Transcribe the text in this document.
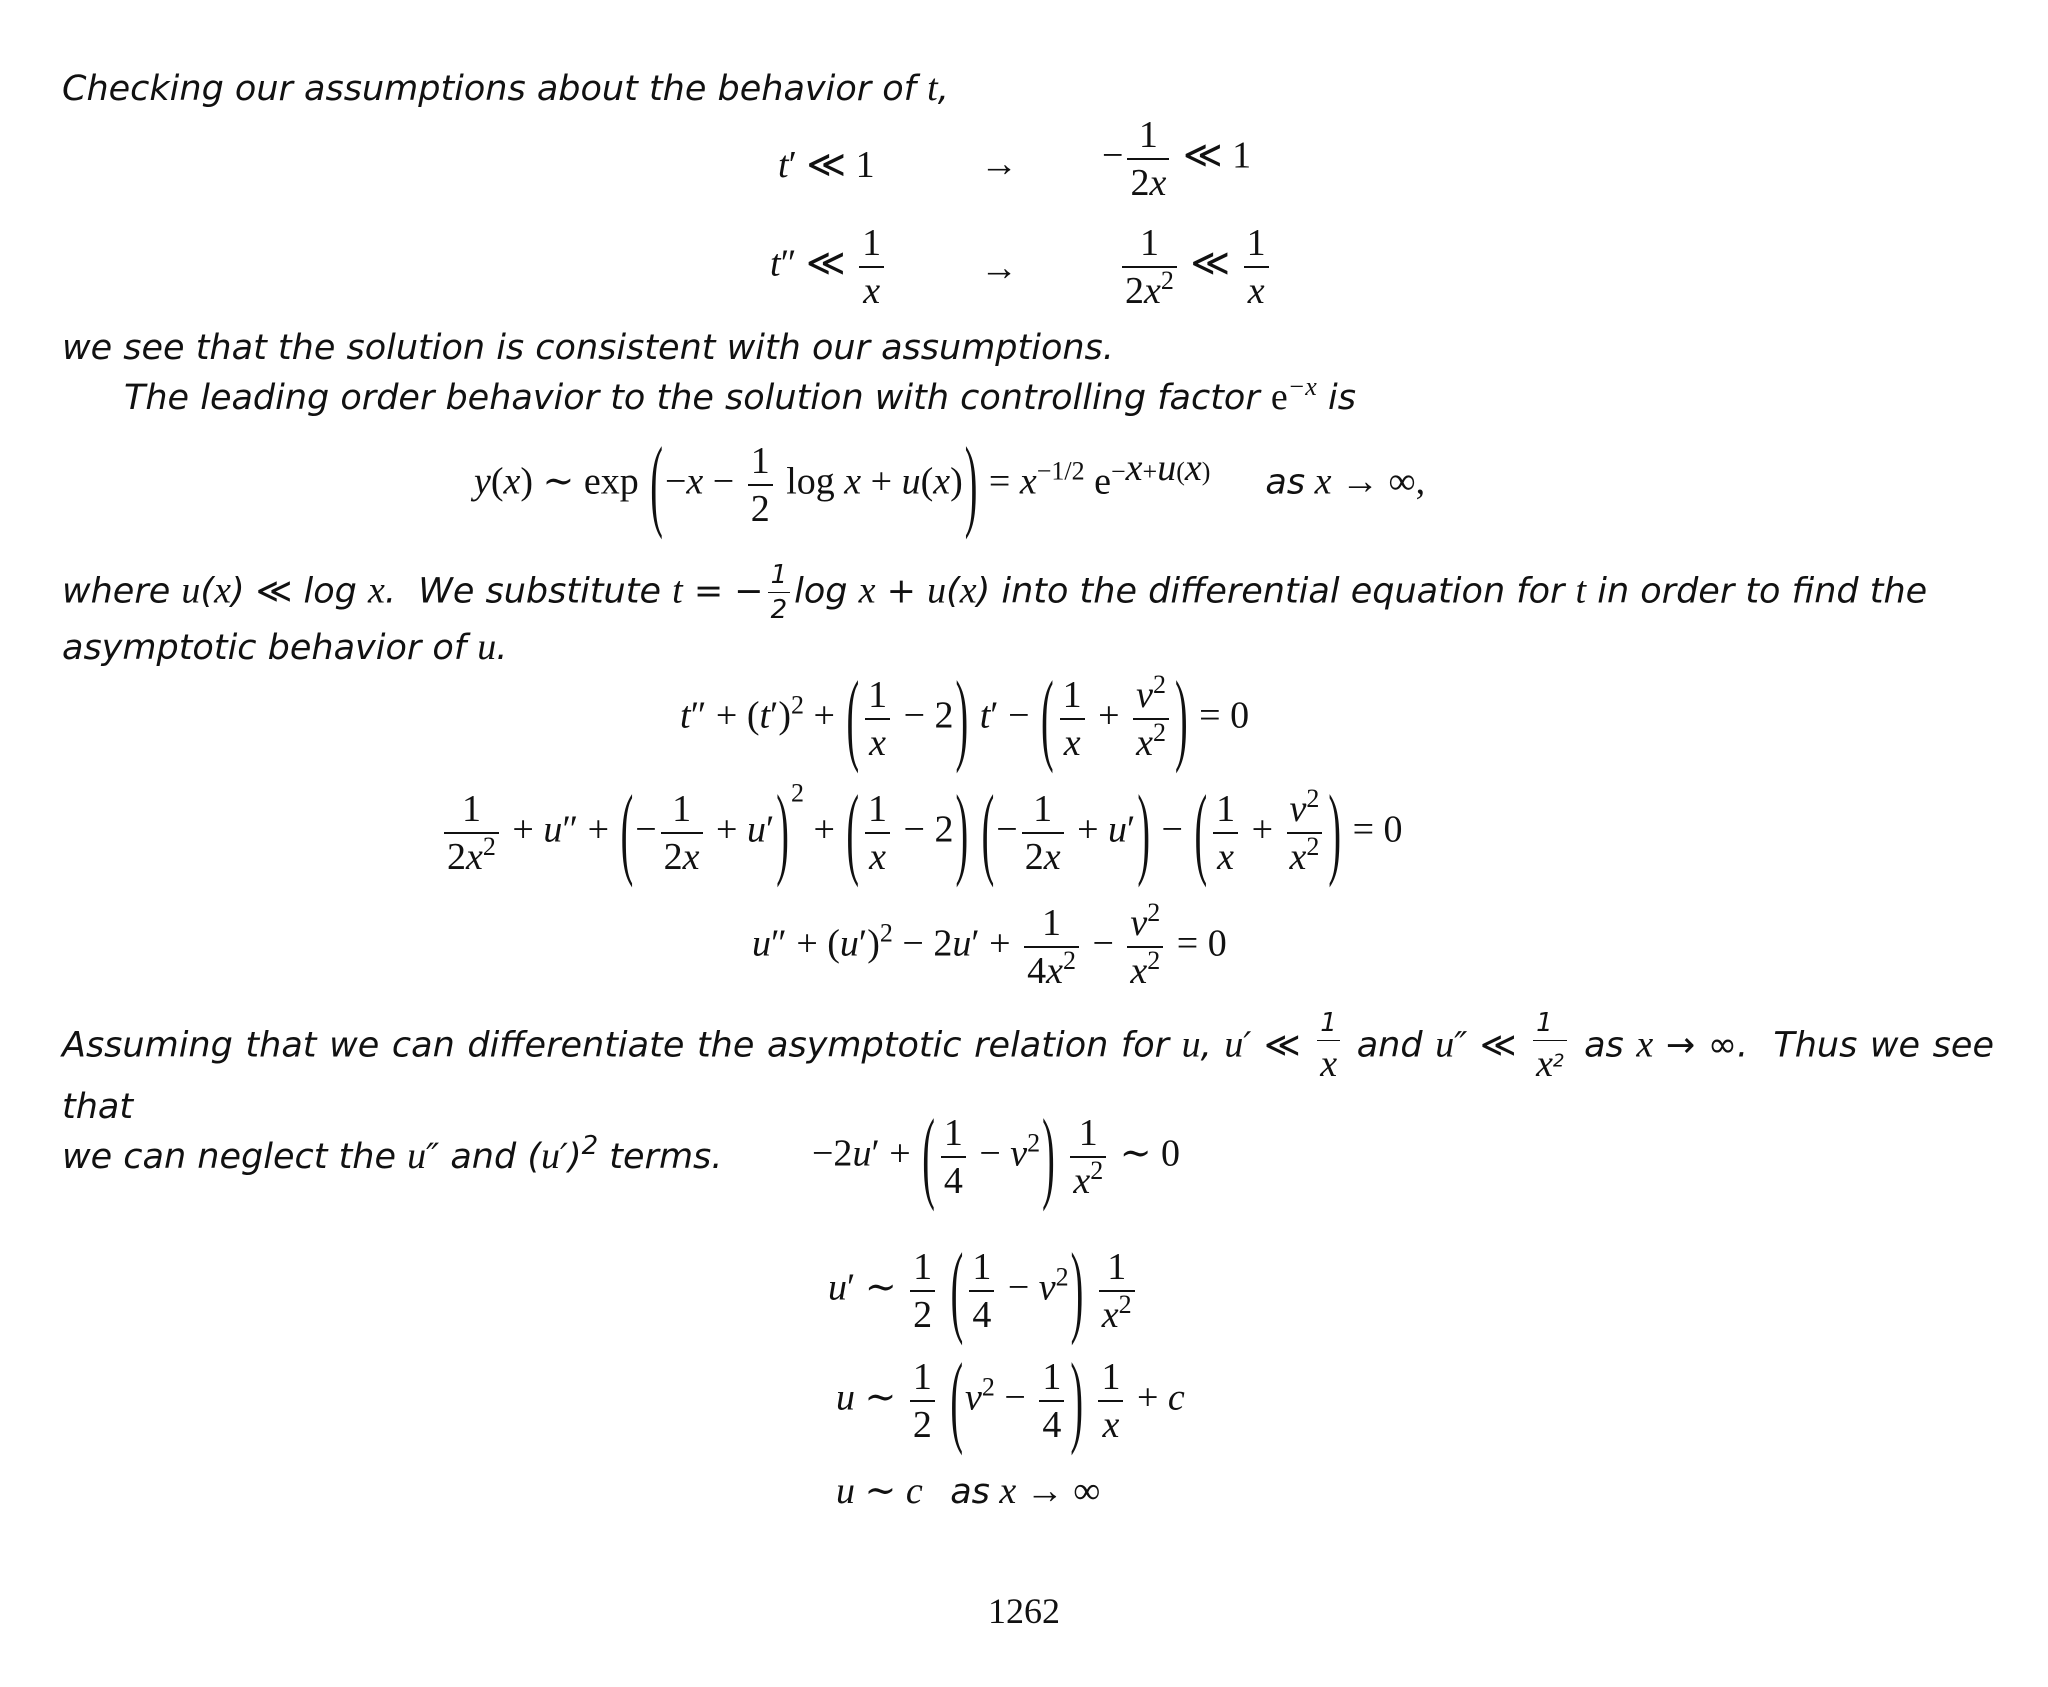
Checking our assumptions about the behavior of t,
t′ ≪ 1	→ − $\frac{1}{2x}$ ≪ 1
t″ ≪ $\frac{1}{x}$	→	$\frac{1}{2x^2}$ ≪ $\frac{1}{x}$
we see that the solution is consistent with our assumptions.
The leading order behavior to the solution with controlling factor $e^{-x}$ is
y(x) ∼ $\exp (-x - \frac{1}{2}$ $\log x + u(x)) = x^{-1/2}$ $e^{-x+u(x)}$ as x → ∞,
where u(x) ≪ log x.  We substitute t = − $\frac{1}{2}$ log x + u(x) into the differential equation for t in order to find the
asymptotic behavior of u.
$t'' + (t')^2$ + ( $\frac{1}{x} - 2$) t′ − ( $\frac{1}{x} + \frac{\nu^2}{x^2}$ ) = 0
$\frac{1}{2x^2} + u''$ + (− $\frac{1}{2x} + u')^2$ + ( $\frac{1}{x} - 2$) (− $\frac{1}{2x} + u'$) − ( $\frac{1}{x} + \frac{\nu^2}{x^2}$ ) = 0
$u'' + (u')^2 - 2u' + \frac{1}{4x^2} - \frac{\nu^2}{x^2} = 0$
Assuming that we can differentiate the asymptotic relation for u, u′ ≪ $\frac{1}{x}$ and u″ ≪ $\frac{1}{x^2}$ as x → ∞.  Thus we see that
we can neglect the u″ and $(u')^2$ terms.	−2u′ + ( $\frac{1}{4} - \nu^2) \frac{1}{x^2}$ ∼ 0
u′ ∼ $\frac{1}{2}$ ( $\frac{1}{4} - \nu^2) \frac{1}{x^2}$
u ∼ $\frac{1}{2} (\nu^2 - \frac{1}{4}$ ) $\frac{1}{x} + c$
u ∼ c as x → ∞
1262
